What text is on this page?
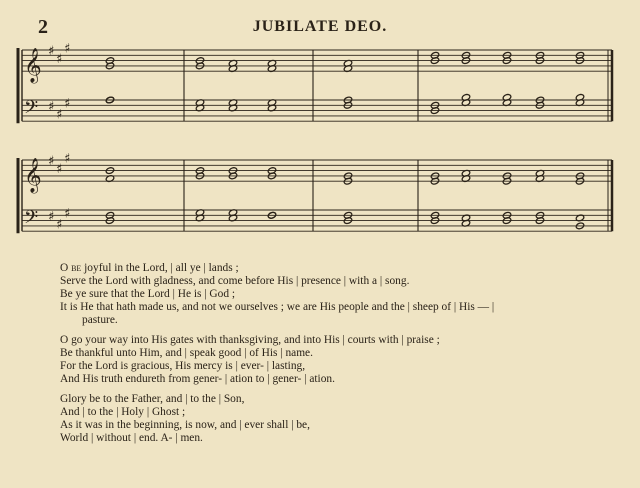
2	JUBILATE DEO.
𝄞 ♯
♯
♯
𝄢 ♯
♯
♯
𝄞 ♯
♯
♯
𝄢 ♯
♯
♯
O be joyful in the Lord, | all ye | lands ;
Serve the Lord with gladness, and come before His | presence | with a | song.
Be ye sure that the Lord | He is | God ;
It is He that hath made us, and not we ourselves ; we are His people and the | sheep of | His — |
pasture.
O go your way into His gates with thanksgiving, and into His | courts with | praise ;
Be thankful unto Him, and | speak good | of His | name.
For the Lord is gracious, His mercy is | ever- | lasting,
And His truth endureth from gener- | ation to | gener- | ation.
Glory be to the Father, and | to the | Son,
And | to the | Holy | Ghost ;
As it was in the beginning, is now, and | ever shall | be,
World | without | end. A- | men.
